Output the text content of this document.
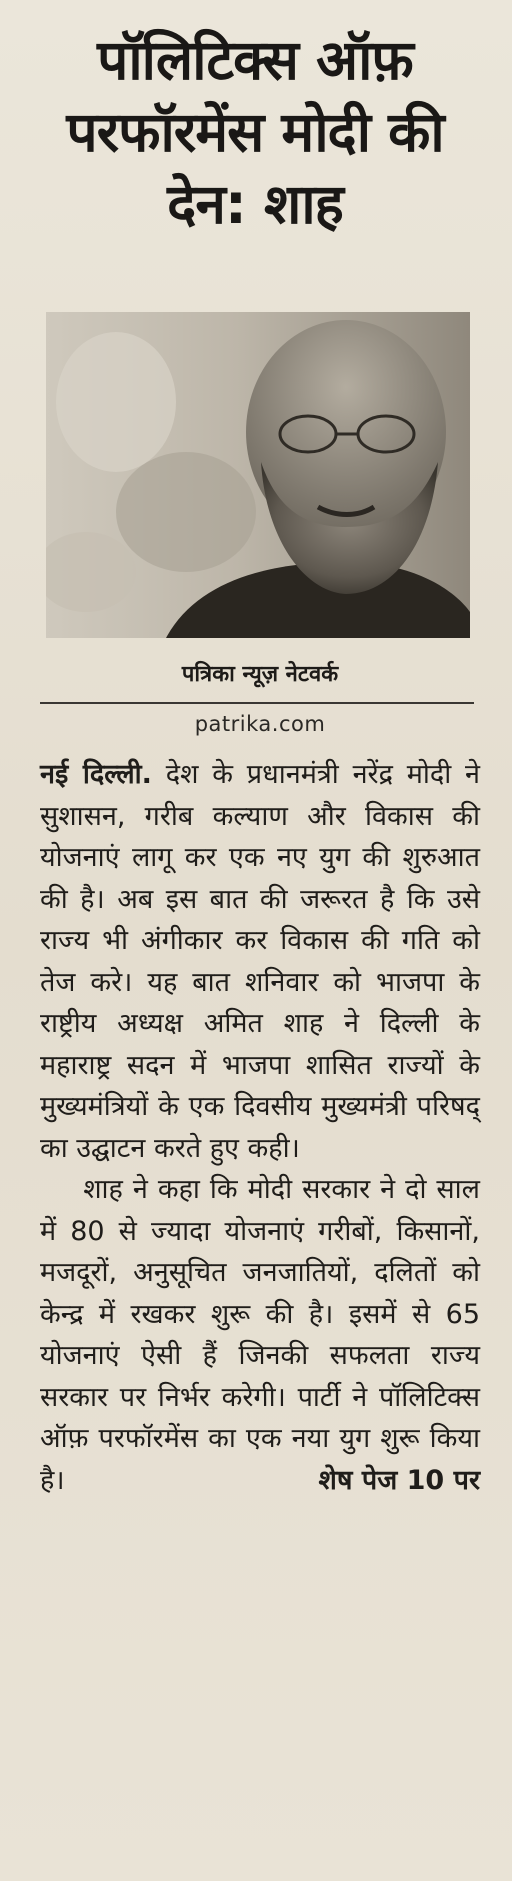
पॉलिटिक्स ऑफ़ परफॉरमेंस मोदी की देन: शाह
पत्रिका न्यूज़ नेटवर्क
patrika.com

नई दिल्ली. देश के प्रधानमंत्री नरेंद्र मोदी ने सुशासन, गरीब कल्याण और विकास की योजनाएं लागू कर एक नए युग की शुरुआत की है। अब इस बात की जरूरत है कि उसे राज्य भी अंगीकार कर विकास की गति को तेज करे। यह बात शनिवार को भाजपा के राष्ट्रीय अध्यक्ष अमित शाह ने दिल्ली के महाराष्ट्र सदन में भाजपा शासित राज्यों के मुख्यमंत्रियों के एक दिवसीय मुख्यमंत्री परिषद् का उद्घाटन करते हुए कही।

शाह ने कहा कि मोदी सरकार ने दो साल में 80 से ज्यादा योजनाएं गरीबों, किसानों, मजदूरों, अनुसूचित जनजातियों, दलितों को केन्द्र में रखकर शुरू की है। इसमें से 65 योजनाएं ऐसी हैं जिनकी सफलता राज्य सरकार पर निर्भर करेगी। पार्टी ने पॉलिटिक्स ऑफ़ परफॉरमेंस का एक नया युग शुरू किया है।	शेष पेज 10 पर
